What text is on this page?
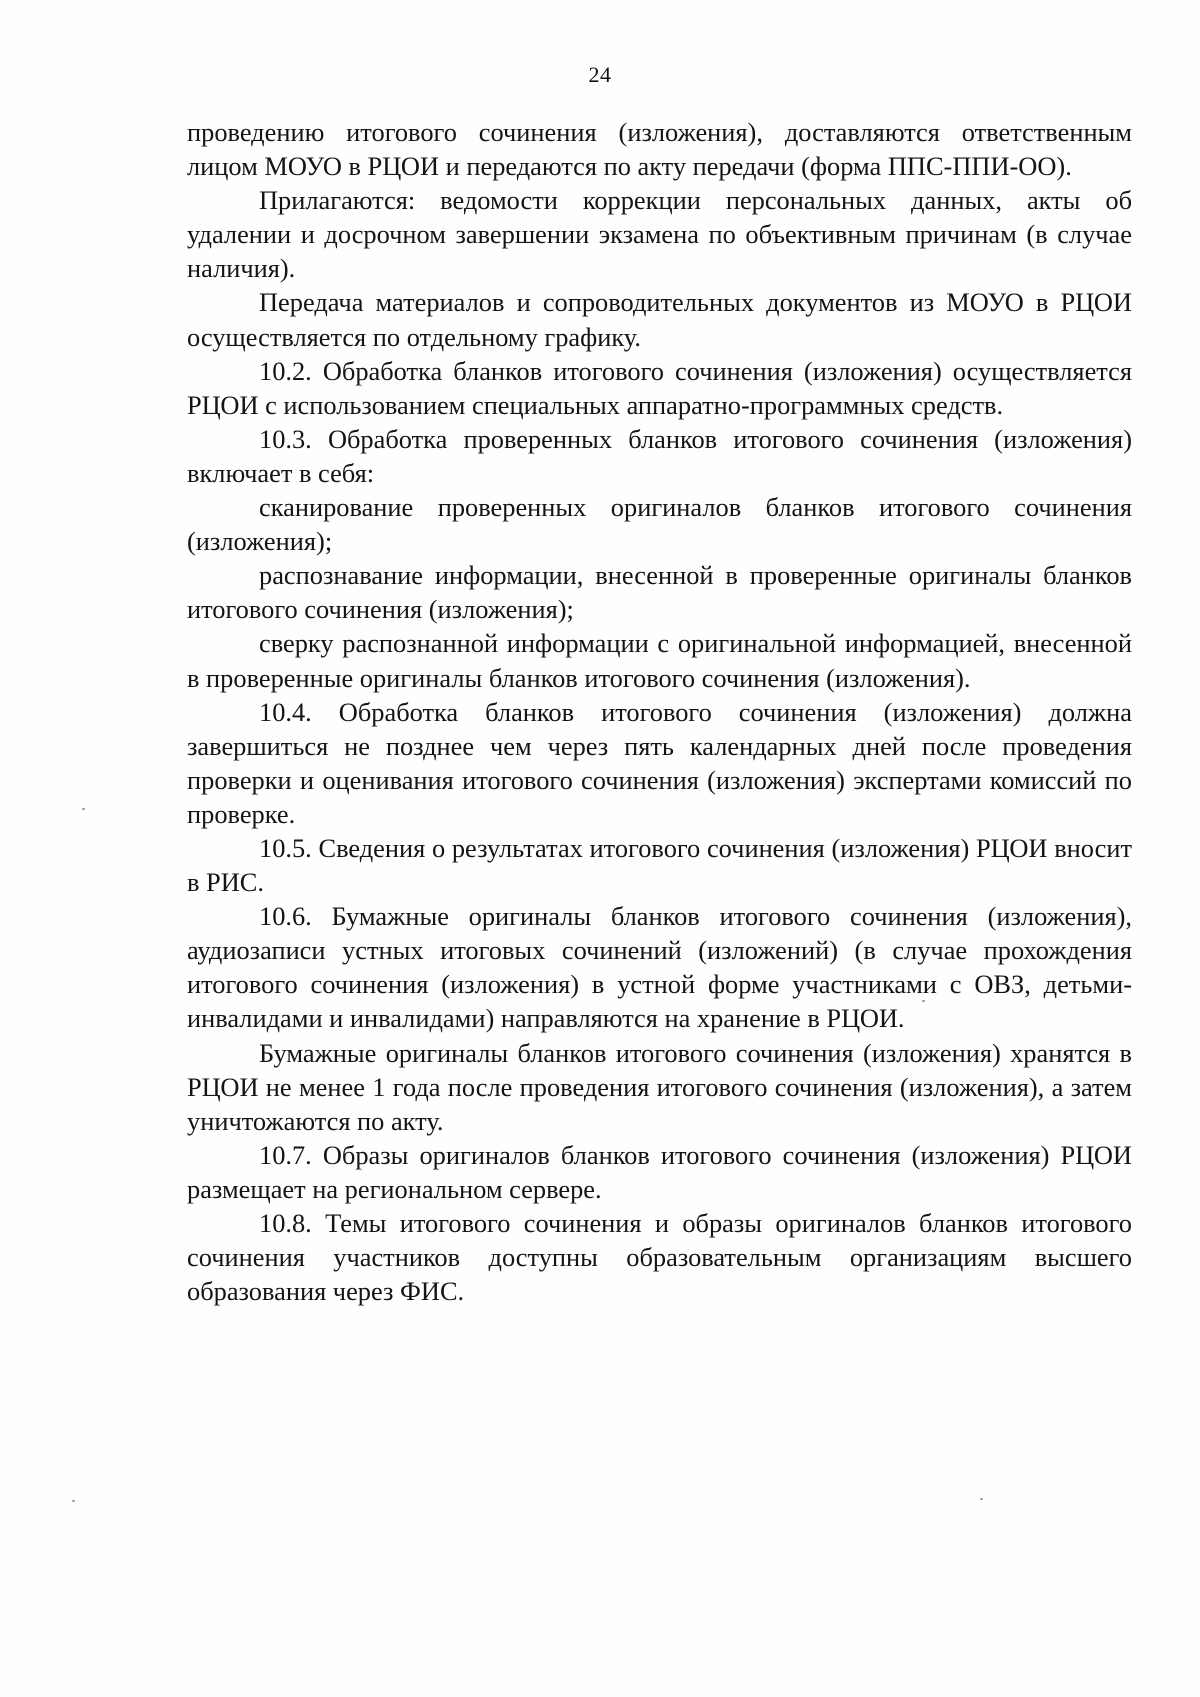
24

проведению итогового сочинения (изложения), доставляются ответственным лицом МОУО в РЦОИ и передаются по акту передачи (форма ППС-ППИ-ОО).

Прилагаются: ведомости коррекции персональных данных, акты об удалении и досрочном завершении экзамена по объективным причинам (в случае наличия).

Передача материалов и сопроводительных документов из МОУО в РЦОИ осуществляется по отдельному графику.

10.2. Обработка бланков итогового сочинения (изложения) осуществляется РЦОИ с использованием специальных аппаратно-программных средств.

10.3. Обработка проверенных бланков итогового сочинения (изложения) включает в себя:

сканирование проверенных оригиналов бланков итогового сочинения (изложения);

распознавание информации, внесенной в проверенные оригиналы бланков итогового сочинения (изложения);

сверку распознанной информации с оригинальной информацией, внесенной в проверенные оригиналы бланков итогового сочинения (изложения).

10.4. Обработка бланков итогового сочинения (изложения) должна завершиться не позднее чем через пять календарных дней после проведения проверки и оценивания итогового сочинения (изложения) экспертами комиссий по проверке.

10.5. Сведения о результатах итогового сочинения (изложения) РЦОИ вносит в РИС.

10.6. Бумажные оригиналы бланков итогового сочинения (изложения), аудиозаписи устных итоговых сочинений (изложений) (в случае прохождения итогового сочинения (изложения) в устной форме участниками с ОВЗ, детьми-инвалидами и инвалидами) направляются на хранение в РЦОИ.

Бумажные оригиналы бланков итогового сочинения (изложения) хранятся в РЦОИ не менее 1 года после проведения итогового сочинения (изложения), а затем уничтожаются по акту.

10.7. Образы оригиналов бланков итогового сочинения (изложения) РЦОИ размещает на региональном сервере.

10.8. Темы итогового сочинения и образы оригиналов бланков итогового сочинения участников доступны образовательным организациям высшего образования через ФИС.
